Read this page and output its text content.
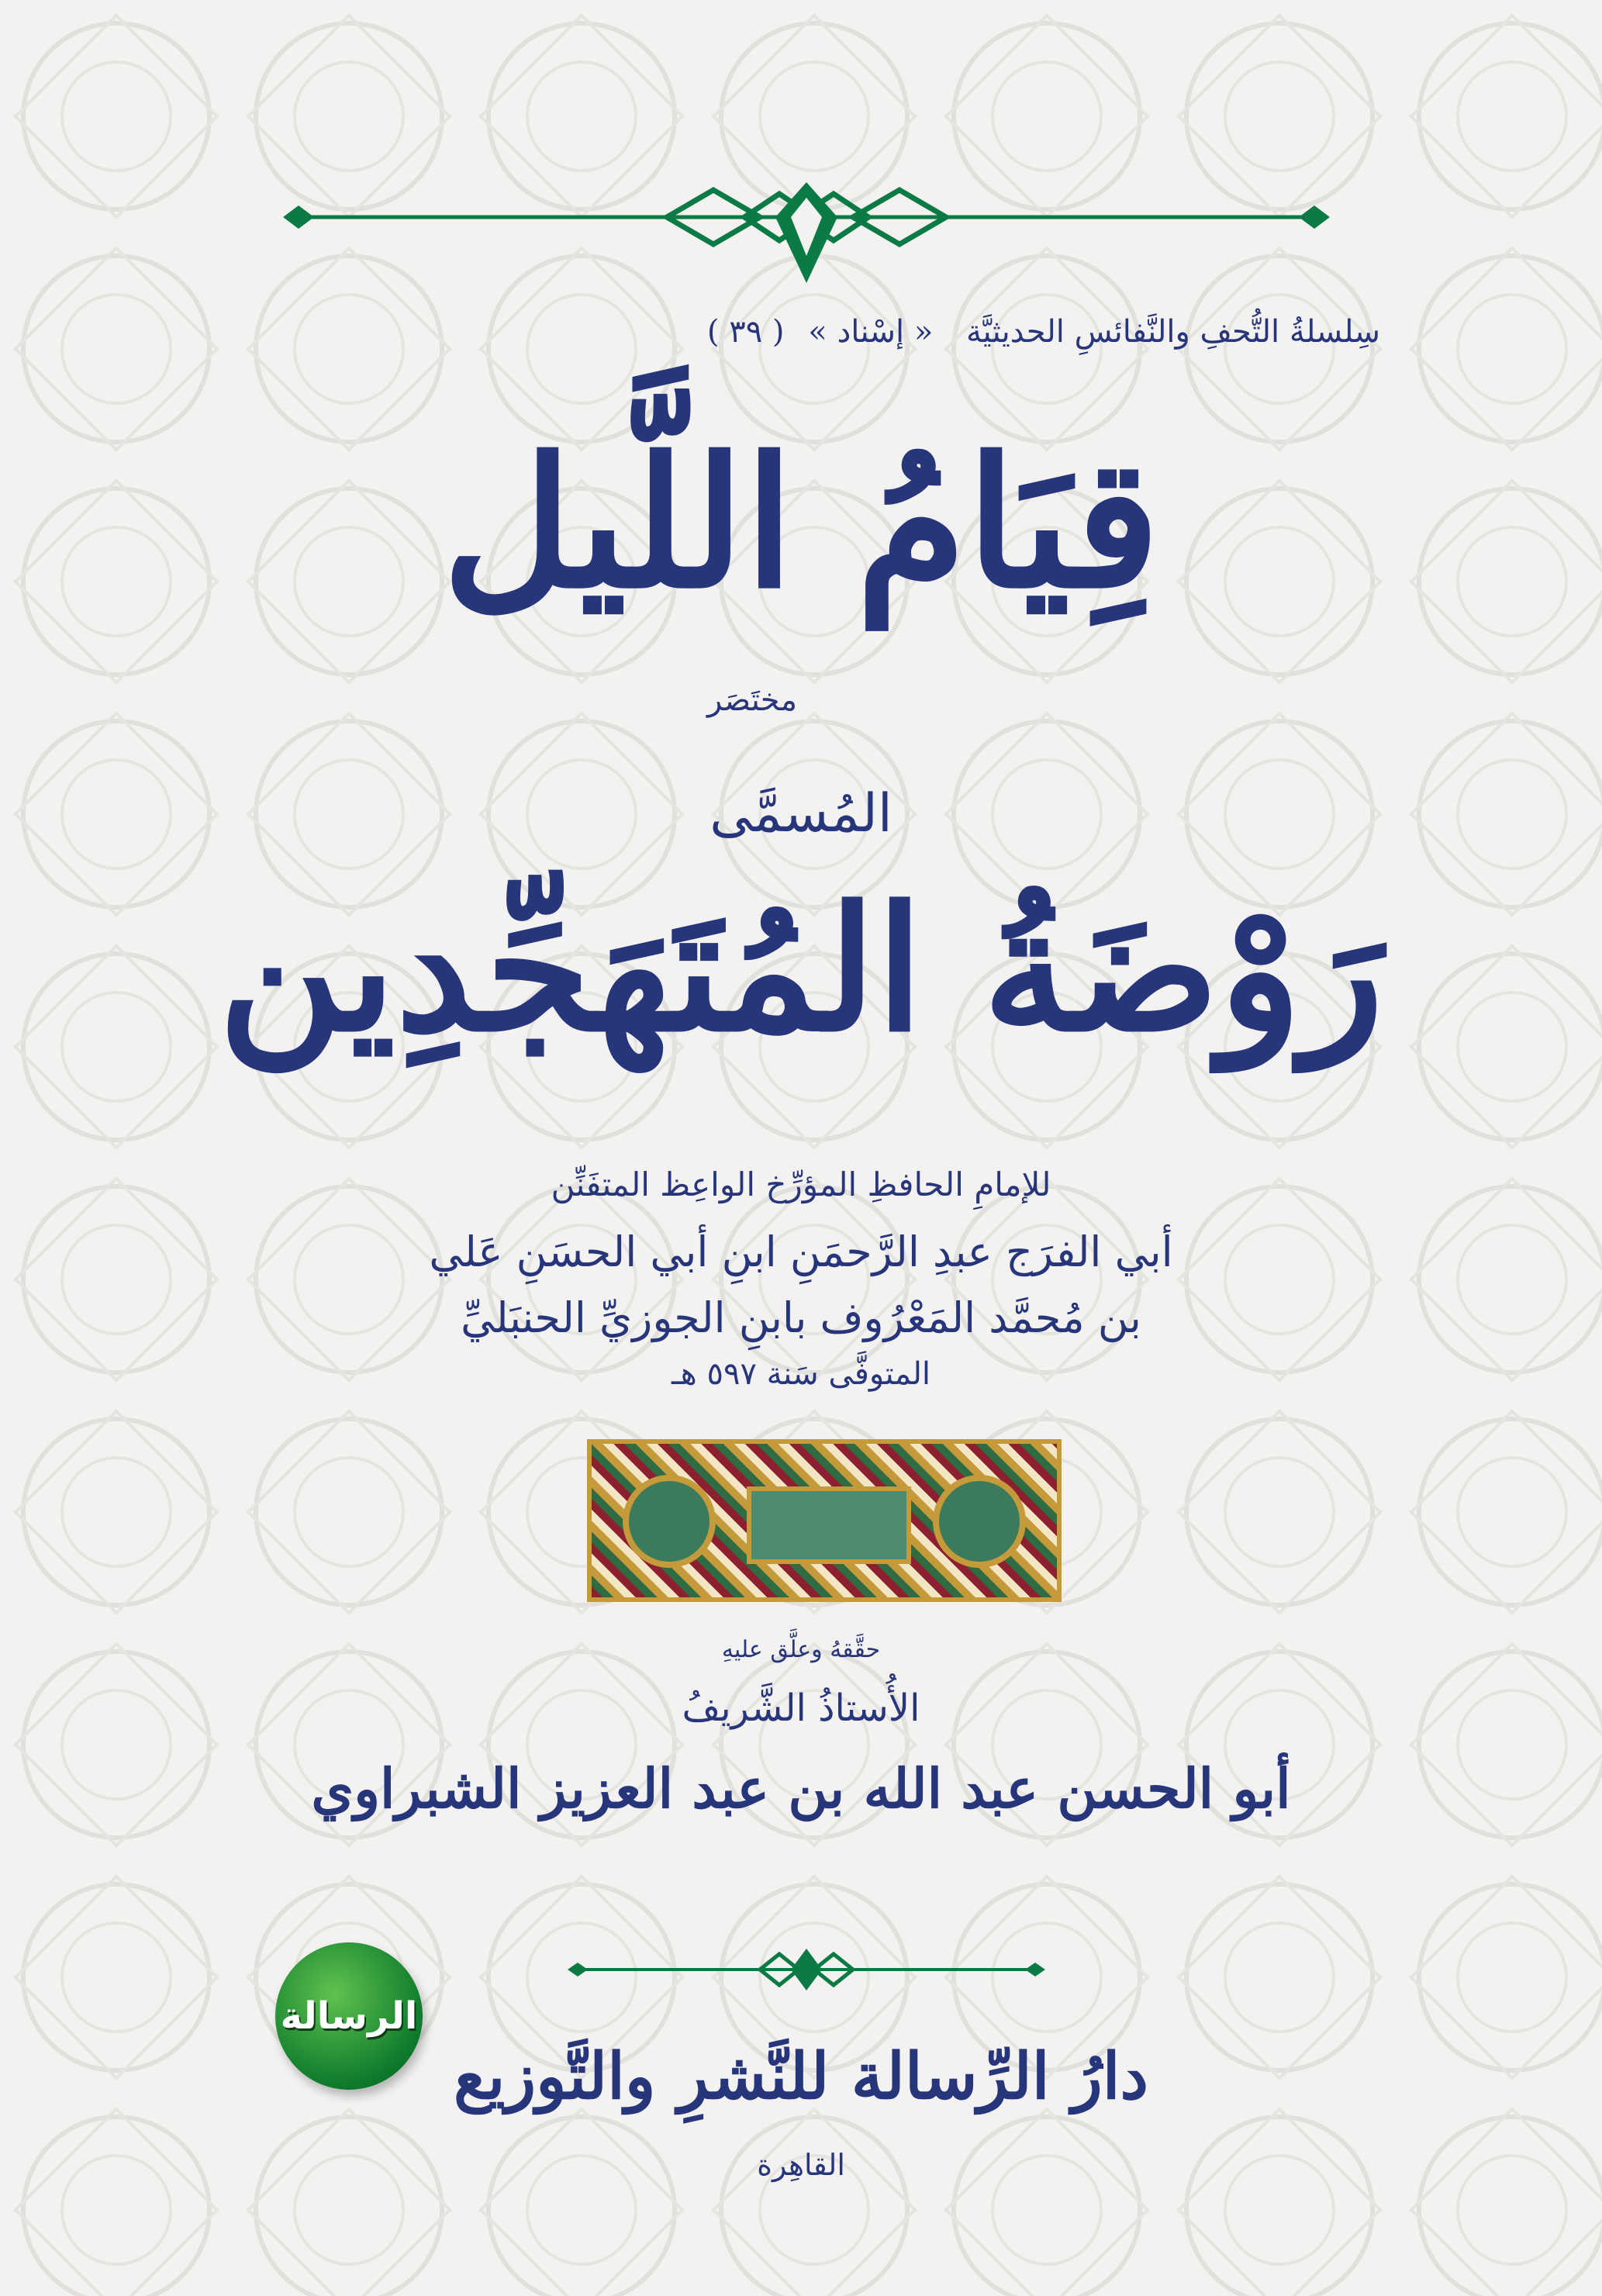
سِلسلةُ التُّحفِ والنَّفائسِ الحديثيَّة « إسْناد » ( ٣٩ )
قِيَامُ اللَّيل
مختَصَر
المُسمَّى
رَوْضَةُ المُتَهَجِّدِين
للإمامِ الحافظِ المؤرِّخ الواعِظ المتفَنِّن
أبي الفرَج عبدِ الرَّحمَنِ ابنِ أبي الحسَنِ عَلي
بن مُحمَّد المَعْرُوف بابنِ الجوزيِّ الحنبَليِّ
المتوفَّى سَنة ٥٩٧ هـ
حقَّقهُ وعلَّق عليهِ
الأُستاذُ الشَّريفُ
أبو الحسن عبد الله بن عبد العزيز الشبراوي
دارُ الرِّسالة للنَّشرِ والتَّوزيع
القاهِرة
الرسالة
